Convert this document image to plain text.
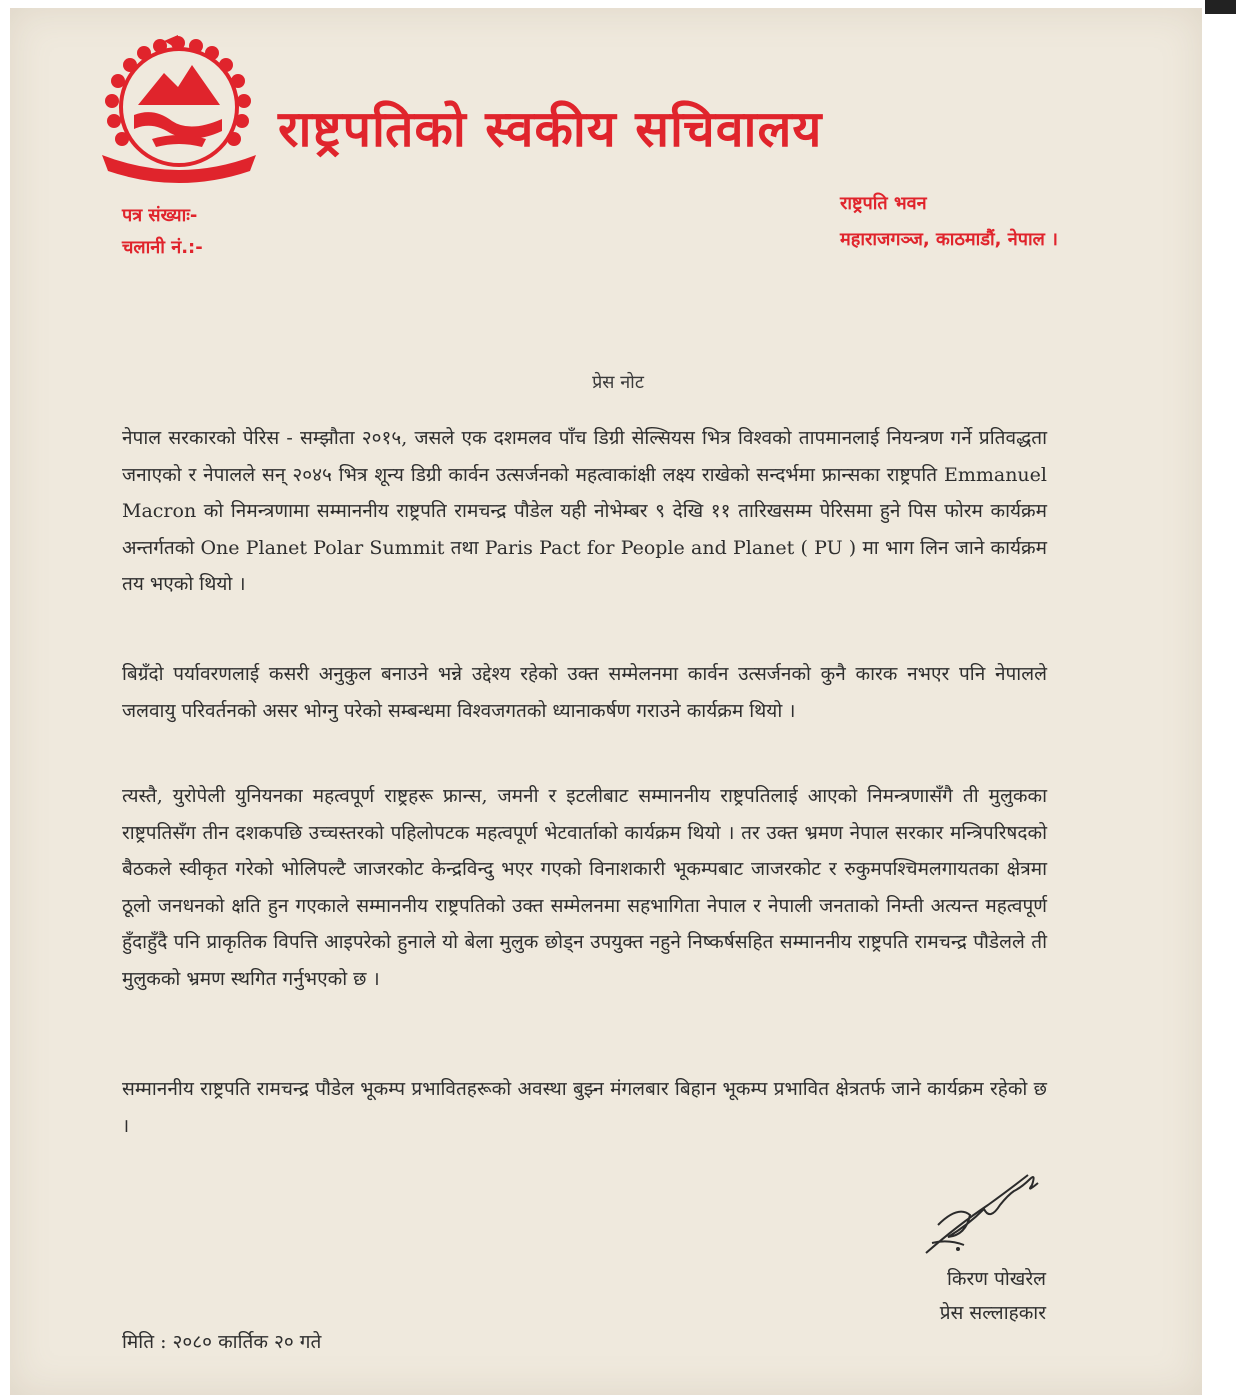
राष्ट्रपतिको स्वकीय सचिवालय
पत्र संख्याः-
चलानी नं.:-
राष्ट्रपति भवन
महाराजगञ्ज, काठमाडौं, नेपाल ।
प्रेस नोट
नेपाल सरकारको पेरिस - सम्झौता २०१५, जसले एक दशमलव पाँच डिग्री सेल्सियस भित्र विश्वको तापमानलाई नियन्त्रण गर्ने प्रतिवद्धता जनाएको र नेपालले सन् २०४५ भित्र शून्य डिग्री कार्वन उत्सर्जनको महत्वाकांक्षी लक्ष्य राखेको सन्दर्भमा फ्रान्सका राष्ट्रपति Emmanuel Macron को निमन्त्रणामा सम्माननीय राष्ट्रपति रामचन्द्र पौडेल यही नोभेम्बर ९ देखि ११ तारिखसम्म पेरिसमा हुने पिस फोरम कार्यक्रम अन्तर्गतको One Planet Polar Summit तथा Paris Pact for People and Planet ( PU ) मा भाग लिन जाने कार्यक्रम तय भएको थियो ।
बिग्रँदो पर्यावरणलाई कसरी अनुकुल बनाउने भन्ने उद्देश्य रहेको उक्त सम्मेलनमा कार्वन उत्सर्जनको कुनै कारक नभएर पनि नेपालले जलवायु परिवर्तनको असर भोग्नु परेको सम्बन्धमा विश्वजगतको ध्यानाकर्षण गराउने कार्यक्रम थियो ।
त्यस्तै, युरोपेली युनियनका महत्वपूर्ण राष्ट्रहरू फ्रान्स, जमनी र इटलीबाट सम्माननीय राष्ट्रपतिलाई आएको निमन्त्रणासँगै ती मुलुकका राष्ट्रपतिसँग तीन दशकपछि उच्चस्तरको पहिलोपटक महत्वपूर्ण भेटवार्ताको कार्यक्रम थियो । तर उक्त भ्रमण नेपाल सरकार मन्त्रिपरिषदको बैठकले स्वीकृत गरेको भोलिपल्टै जाजरकोट केन्द्रविन्दु भएर गएको विनाशकारी भूकम्पबाट जाजरकोट र रुकुमपश्चिमलगायतका क्षेत्रमा ठूलो जनधनको क्षति हुन गएकाले सम्माननीय राष्ट्रपतिको उक्त सम्मेलनमा सहभागिता नेपाल र नेपाली जनताको निम्ती अत्यन्त महत्वपूर्ण हुँदाहुँदै पनि प्राकृतिक विपत्ति आइपरेको हुनाले यो बेला मुलुक छोड्न उपयुक्त नहुने निष्कर्षसहित सम्माननीय राष्ट्रपति रामचन्द्र पौडेलले ती मुलुकको भ्रमण स्थगित गर्नुभएको छ ।
सम्माननीय राष्ट्रपति रामचन्द्र पौडेल भूकम्प प्रभावितहरूको अवस्था बुझ्न मंगलबार बिहान भूकम्प प्रभावित क्षेत्रतर्फ जाने कार्यक्रम रहेको छ ।
किरण पोखरेल
प्रेस सल्लाहकार
मिति : २०८० कार्तिक २० गते
